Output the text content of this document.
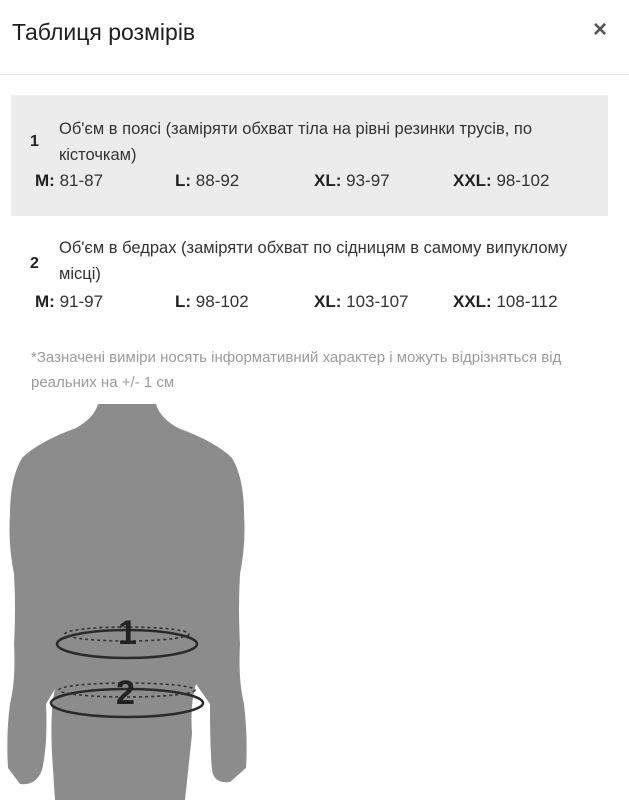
Таблиця розмірів	×
1
Об'єм в поясі (заміряти обхват тіла на рівні резинки трусів, по кісточкам)
M: 81-87	L: 88-92	XL: 93-97	XXL: 98-102
2
Об'єм в бедрах (заміряти обхват по сідницям в самому випуклому місці)
M: 91-97	L: 98-102	XL: 103-107	XXL: 108-112
*Зазначені виміри носять інформативний характер і можуть відрізняться від реальних на +/- 1 см
1
2
